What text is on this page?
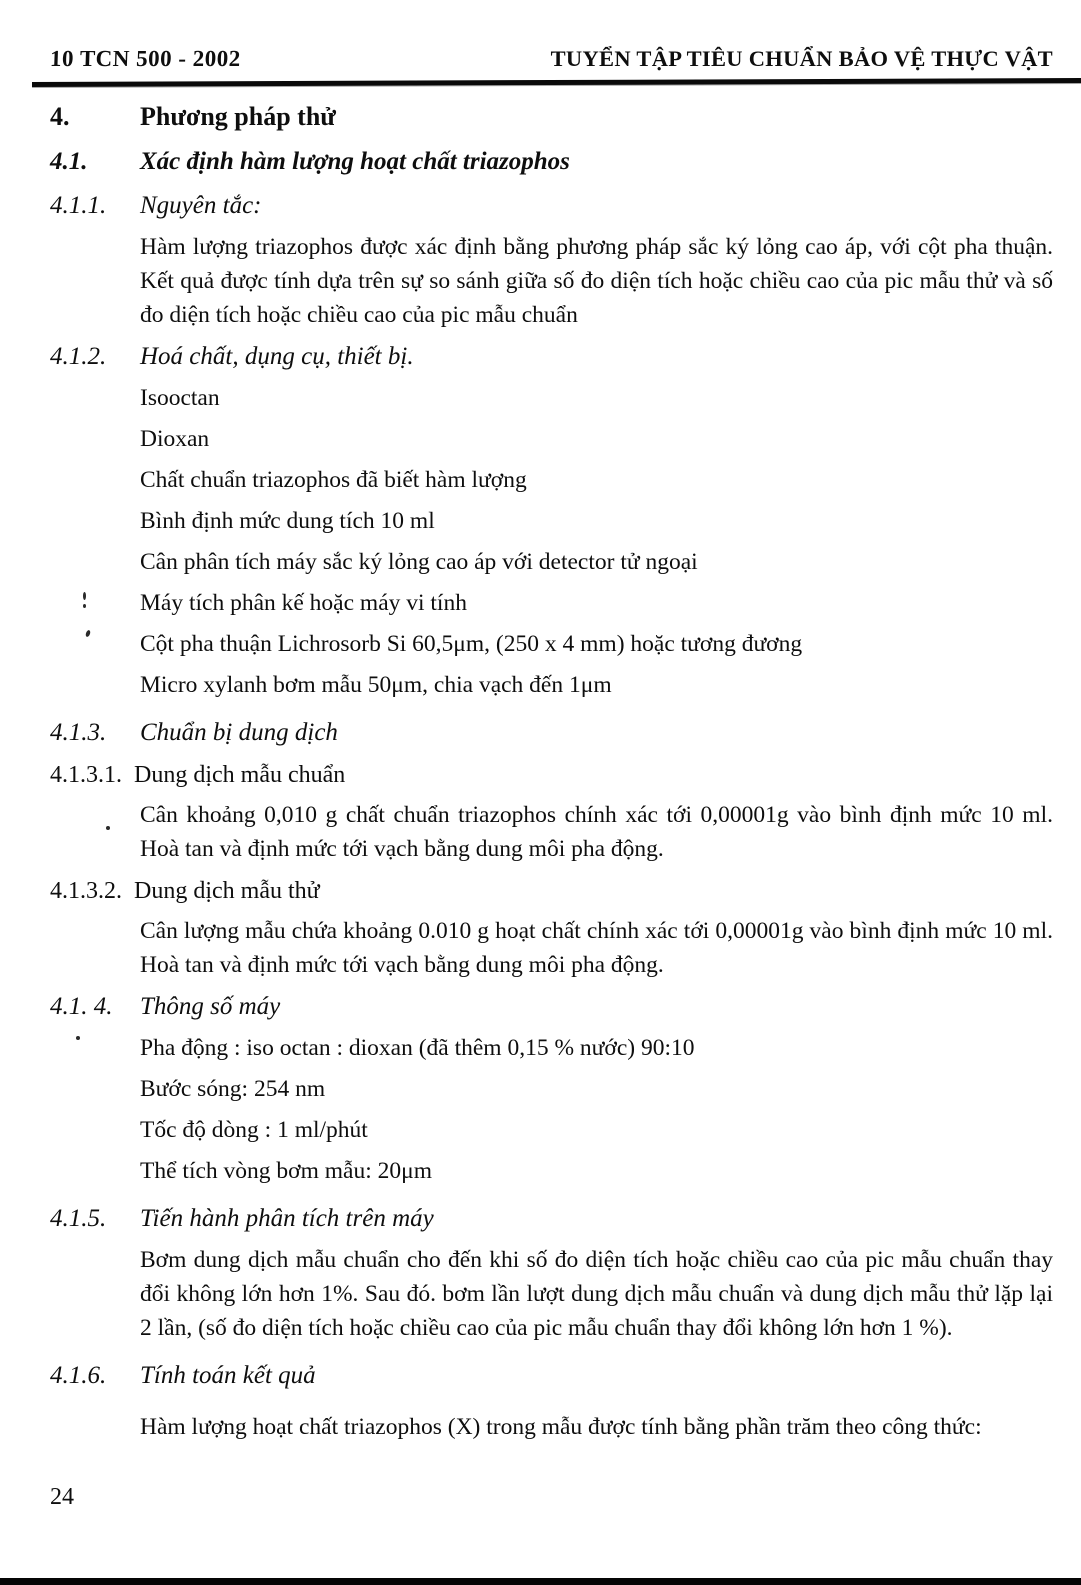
10 TCN 500 - 2002	TUYỂN TẬP TIÊU CHUẨN BẢO VỆ THỰC VẬT
4.	Phương pháp thử
4.1.	Xác định hàm lượng hoạt chất triazophos
4.1.1.	Nguyên tắc:

Hàm lượng triazophos được xác định bằng phương pháp sắc ký lỏng cao áp, với cột pha thuận. Kết quả được tính dựa trên sự so sánh giữa số đo diện tích hoặc chiều cao của pic mẫu thử và số đo diện tích hoặc chiều cao của pic mẫu chuẩn

4.1.2.	Hoá chất, dụng cụ, thiết bị.

Isooctan

Dioxan

Chất chuẩn triazophos đã biết hàm lượng

Bình định mức dung tích 10 ml

Cân phân tích máy sắc ký lỏng cao áp với detector tử ngoại

Máy tích phân kế hoặc máy vi tính

Cột pha thuận Lichrosorb Si 60,5μm, (250 x 4 mm) hoặc tương đương

Micro xylanh bơm mẫu 50μm, chia vạch đến 1μm

4.1.3.	Chuẩn bị dung dịch

4.1.3.1. Dung dịch mẫu chuẩn

Cân khoảng 0,010 g chất chuẩn triazophos chính xác tới 0,00001g vào bình định mức 10 ml. Hoà tan và định mức tới vạch bằng dung môi pha động.

4.1.3.2. Dung dịch mẫu thử

Cân lượng mẫu chứa khoảng 0.010 g hoạt chất chính xác tới 0,00001g vào bình định mức 10 ml. Hoà tan và định mức tới vạch bằng dung môi pha động.

4.1. 4.	Thông số máy

Pha động : iso octan : dioxan (đã thêm 0,15 % nước) 90:10

Bước sóng: 254 nm

Tốc độ dòng : 1 ml/phút

Thể tích vòng bơm mẫu: 20μm

4.1.5.	Tiến hành phân tích trên máy

Bơm dung dịch mẫu chuẩn cho đến khi số đo diện tích hoặc chiều cao của pic mẫu chuẩn thay đổi không lớn hơn 1%. Sau đó. bơm lần lượt dung dịch mẫu chuẩn và dung dịch mẫu thử lặp lại 2 lần, (số đo diện tích hoặc chiều cao của pic mẫu chuẩn thay đổi không lớn hơn 1 %).

4.1.6.	Tính toán kết quả

Hàm lượng hoạt chất triazophos (X) trong mẫu được tính bằng phần trăm theo công thức:

24
